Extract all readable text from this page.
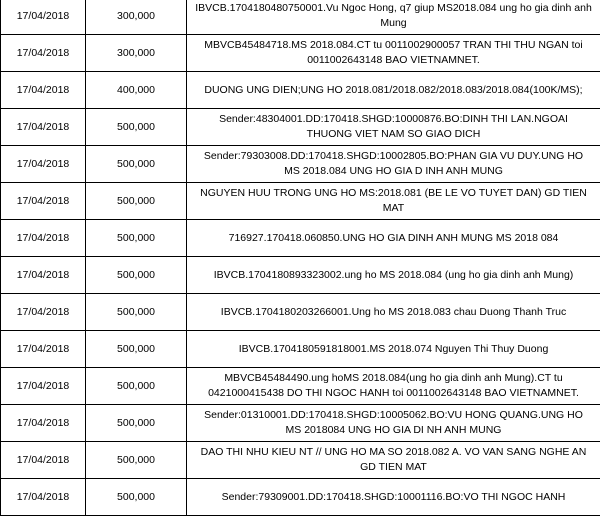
17/04/2018	300,000	IBVCB.1704180480750001.Vu Ngoc Hong, q7 giup MS2018.084 ung ho gia dinh anh Mung
17/04/2018	300,000	MBVCB45484718.MS 2018.084.CT tu 0011002900057 TRAN THI THU NGAN toi 0011002643148 BAO VIETNAMNET.
17/04/2018	400,000	DUONG UNG DIEN;UNG HO 2018.081/2018.082/2018.083/2018.084(100K/MS);
17/04/2018	500,000	Sender:48304001.DD:170418.SHGD:10000876.BO:DINH THI LAN.NGOAI THUONG VIET NAM SO GIAO DICH
17/04/2018	500,000	Sender:79303008.DD:170418.SHGD:10002805.BO:PHAN GIA VU DUY.UNG HO MS 2018.084 UNG HO GIA D INH ANH MUNG
17/04/2018	500,000	NGUYEN HUU TRONG UNG HO MS:2018.081 (BE LE VO TUYET DAN) GD TIEN MAT
17/04/2018	500,000	716927.170418.060850.UNG HO GIA DINH ANH MUNG MS 2018 084
17/04/2018	500,000	IBVCB.1704180893323002.ung ho MS 2018.084 (ung ho gia dinh anh Mung)
17/04/2018	500,000	IBVCB.1704180203266001.Ung ho MS 2018.083 chau Duong Thanh Truc
17/04/2018	500,000	IBVCB.1704180591818001.MS 2018.074 Nguyen Thi Thuy Duong
17/04/2018	500,000	MBVCB45484490.ung hoMS 2018.084(ung ho gia dinh anh Mung).CT tu 0421000415438 DO THI NGOC HANH toi 0011002643148 BAO VIETNAMNET.
17/04/2018	500,000	Sender:01310001.DD:170418.SHGD:10005062.BO:VU HONG QUANG.UNG HO MS 2018084 UNG HO GIA DI NH ANH MUNG
17/04/2018	500,000	DAO THI NHU KIEU NT // UNG HO MA SO 2018.082 A. VO VAN SANG NGHE AN GD TIEN MAT
17/04/2018	500,000	Sender:79309001.DD:170418.SHGD:10001116.BO:VO THI NGOC HANH
